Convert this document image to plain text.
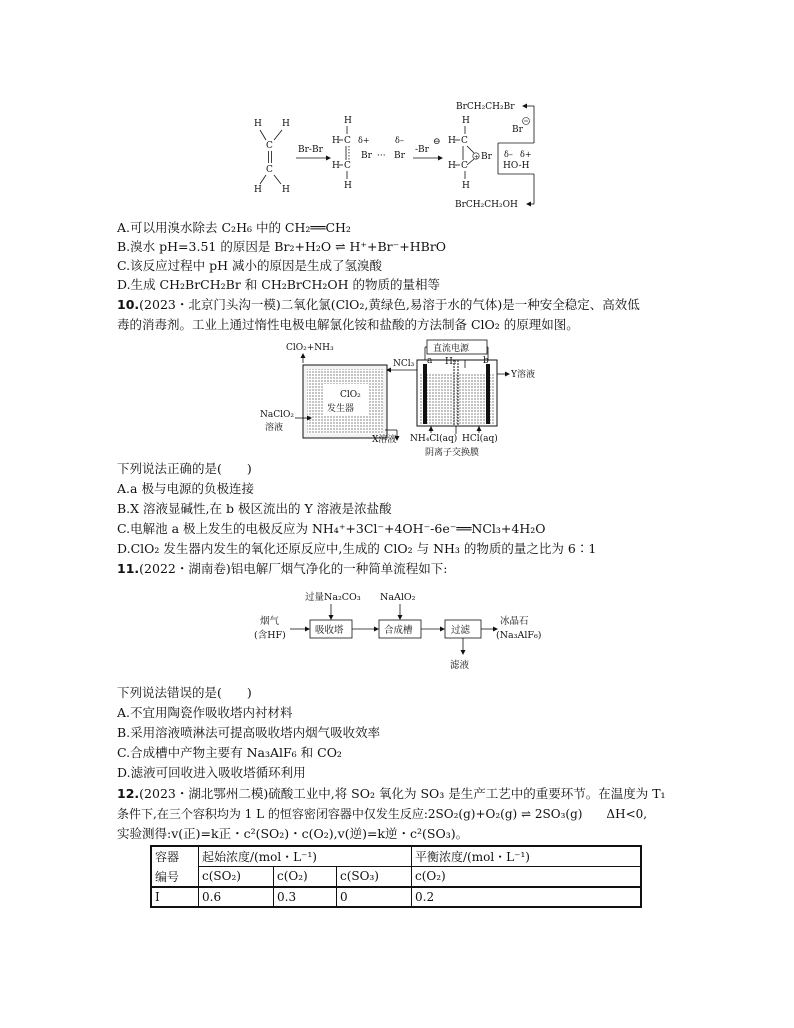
H H
C
C
H H
Br-Br
H
H C δ+
Br
H C
H
···
δ–
Br
-Br
⊖
H
H C
+ Br
H C
H
BrCH₂CH₂Br
Br
δ– δ+
HO-H
BrCH₂CH₂OH
A.可以用溴水除去 C₂H₆ 中的 CH₂══CH₂
B.溴水 pH=3.51 的原因是 Br₂+H₂O ⇌ H⁺+Br⁻+HBrO
C.该反应过程中 pH 减小的原因是生成了氢溴酸
D.生成 CH₂BrCH₂Br 和 CH₂BrCH₂OH 的物质的量相等
10.(2023・北京门头沟一模)二氧化氯(ClO₂,黄绿色,易溶于水的气体)是一种安全稳定、高效低
毒的消毒剂。工业上通过惰性电极电解氯化铵和盐酸的方法制备 ClO₂ 的原理如图。
ClO₂+NH₃
ClO₂
发生器
NaClO₂
溶液
X溶液
NCl₃
直流电源
a	b
H₂
Y溶液
NH₄Cl(aq) HCl(aq)
阴离子交换膜
下列说法正确的是(　　)
A.a 极与电源的负极连接
B.X 溶液显碱性,在 b 极区流出的 Y 溶液是浓盐酸
C.电解池 a 极上发生的电极反应为 NH₄⁺+3Cl⁻+4OH⁻-6e⁻══NCl₃+4H₂O
D.ClO₂ 发生器内发生的氧化还原反应中,生成的 ClO₂ 与 NH₃ 的物质的量之比为 6∶1
11.(2022・湖南卷)铝电解厂烟气净化的一种简单流程如下:
烟气
(含HF)	吸收塔
过量Na₂CO₃
合成槽
NaAlO₂
过滤
滤液
冰晶石
(Na₃AlF₆)
下列说法错误的是(　　)
A.不宜用陶瓷作吸收塔内衬材料
B.采用溶液喷淋法可提高吸收塔内烟气吸收效率
C.合成槽中产物主要有 Na₃AlF₆ 和 CO₂
D.滤液可回收进入吸收塔循环利用
12.(2023・湖北鄂州二模)硫酸工业中,将 SO₂ 氧化为 SO₃ 是生产工艺中的重要环节。在温度为 T₁
条件下,在三个容积均为 1 L 的恒容密闭容器中仅发生反应:2SO₂(g)+O₂(g) ⇌ 2SO₃(g)　　ΔH<0,
实验测得:v(正)=k正・c²(SO₂)・c(O₂),v(逆)=k逆・c²(SO₃)。
容器	起始浓度/(mol・L⁻¹)			平衡浓度/(mol・L⁻¹)
编号	c(SO₂)	c(O₂)	c(SO₃)	c(O₂)
Ⅰ	0.6	0.3	0	0.2
